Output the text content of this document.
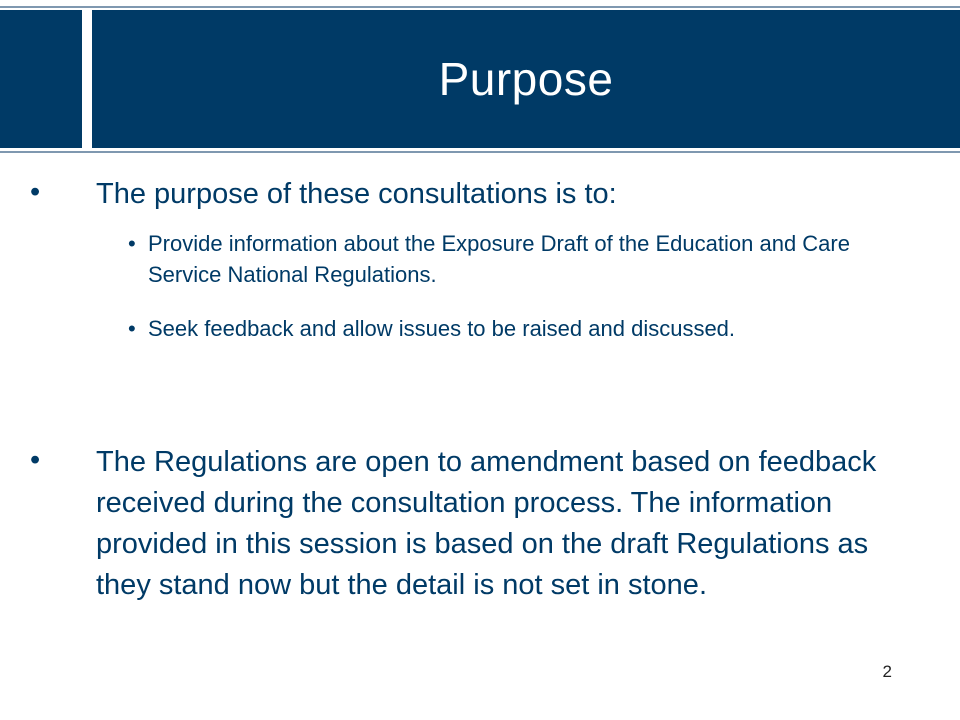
Purpose
• The purpose of these consultations is to:
• Provide information about the Exposure Draft of the Education and Care Service National Regulations.
• Seek feedback and allow issues to be raised and discussed.
• The Regulations are open to amendment based on feedback received during the consultation process. The information provided in this session is based on the draft Regulations as they stand now but the detail is not set in stone.
2
